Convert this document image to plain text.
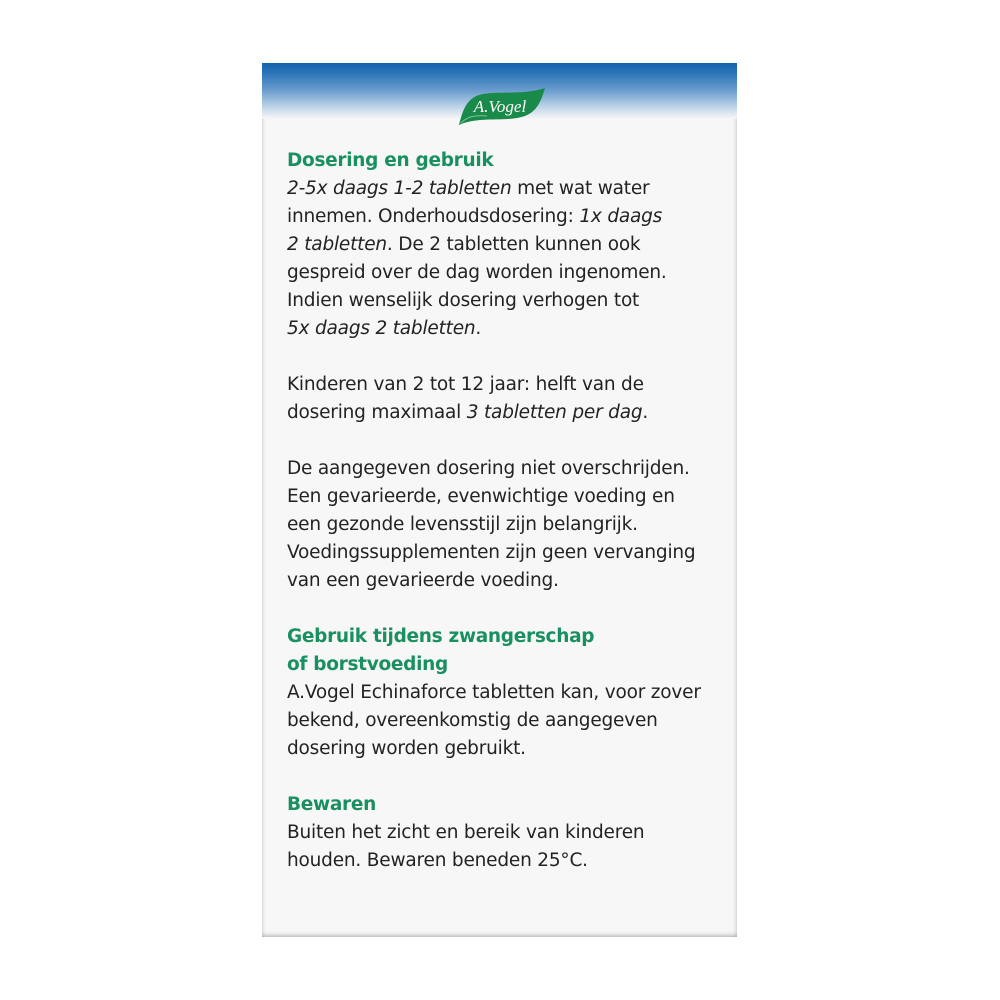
A.Vogel

Dosering en gebruik

2-5x daags 1-2 tabletten met wat water
innemen. Onderhoudsdosering: 1x daags
2 tabletten. De 2 tabletten kunnen ook
gespreid over de dag worden ingenomen.
Indien wenselijk dosering verhogen tot
5x daags 2 tabletten.

Kinderen van 2 tot 12 jaar: helft van de
dosering maximaal 3 tabletten per dag.

De aangegeven dosering niet overschrijden.
Een gevarieerde, evenwichtige voeding en
een gezonde levensstijl zijn belangrijk.
Voedingssupplementen zijn geen vervanging
van een gevarieerde voeding.

Gebruik tijdens zwangerschap
of borstvoeding

A.Vogel Echinaforce tabletten kan, voor zover
bekend, overeenkomstig de aangegeven
dosering worden gebruikt.

Bewaren

Buiten het zicht en bereik van kinderen
houden. Bewaren beneden 25°C.
